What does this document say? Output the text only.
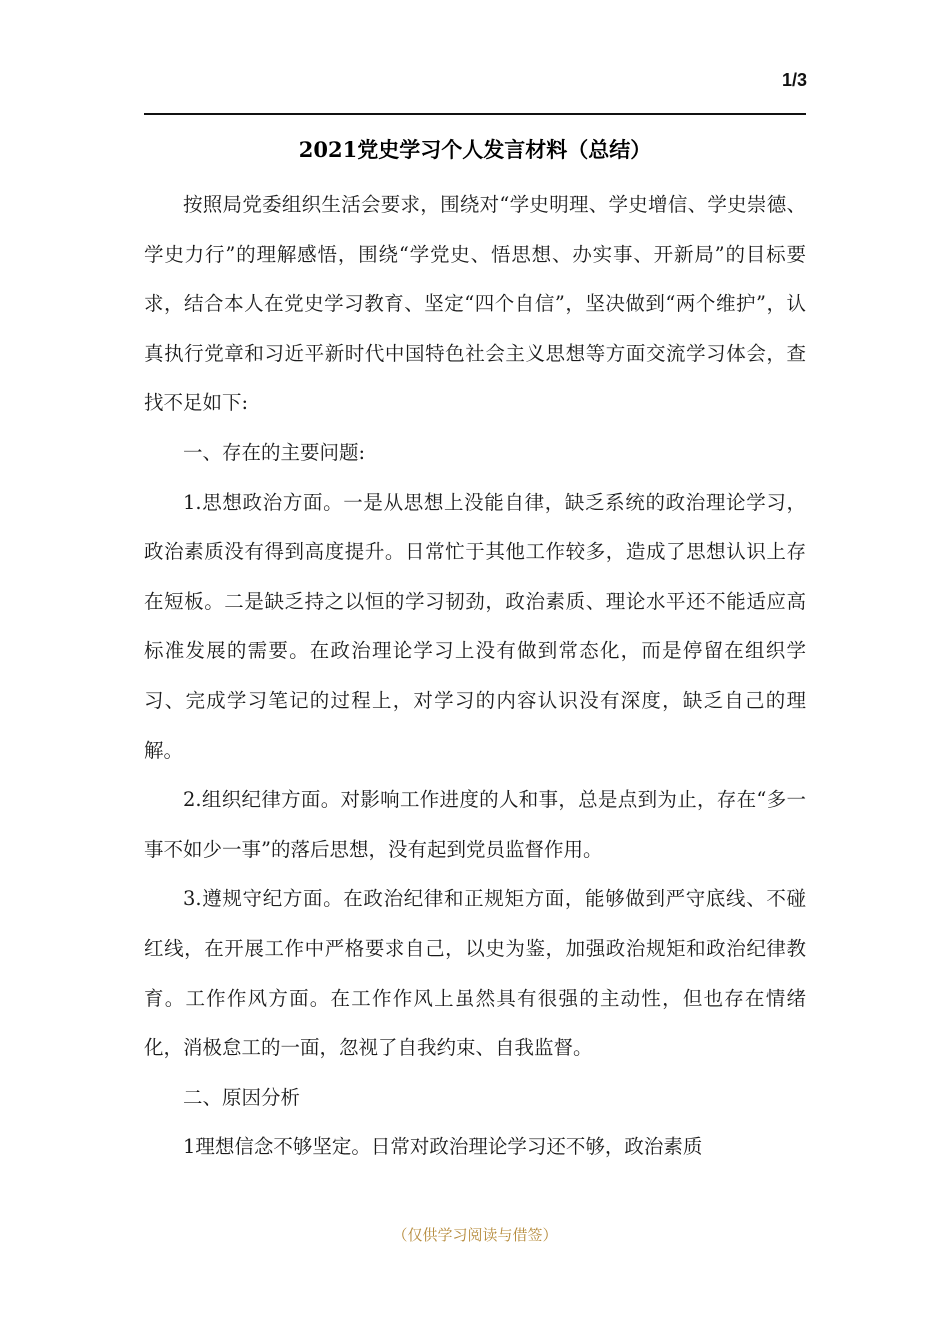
1/3
2021党史学习个人发言材料（总结）

按照局党委组织生活会要求，围绕对“学史明理、学史增信、学史崇德、学史力行”的理解感悟，围绕“学党史、悟思想、办实事、开新局”的目标要求，结合本人在党史学习教育、坚定“四个自信”，坚决做到“两个维护”，认真执行党章和习近平新时代中国特色社会主义思想等方面交流学习体会，查找不足如下:

一、存在的主要问题:

1.思想政治方面。一是从思想上没能自律，缺乏系统的政治理论学习，政治素质没有得到高度提升。日常忙于其他工作较多，造成了思想认识上存在短板。二是缺乏持之以恒的学习韧劲，政治素质、理论水平还不能适应高标准发展的需要。在政治理论学习上没有做到常态化，而是停留在组织学习、完成学习笔记的过程上，对学习的内容认识没有深度，缺乏自己的理解。

2.组织纪律方面。对影响工作进度的人和事，总是点到为止，存在“多一事不如少一事”的落后思想，没有起到党员监督作用。

3.遵规守纪方面。在政治纪律和正规矩方面，能够做到严守底线、不碰红线，在开展工作中严格要求自己，以史为鉴，加强政治规矩和政治纪律教育。工作作风方面。在工作作风上虽然具有很强的主动性，但也存在情绪化，消极怠工的一面，忽视了自我约束、自我监督。

二、原因分析

1理想信念不够坚定。日常对政治理论学习还不够，政治素质

（仅供学习阅读与借签）
